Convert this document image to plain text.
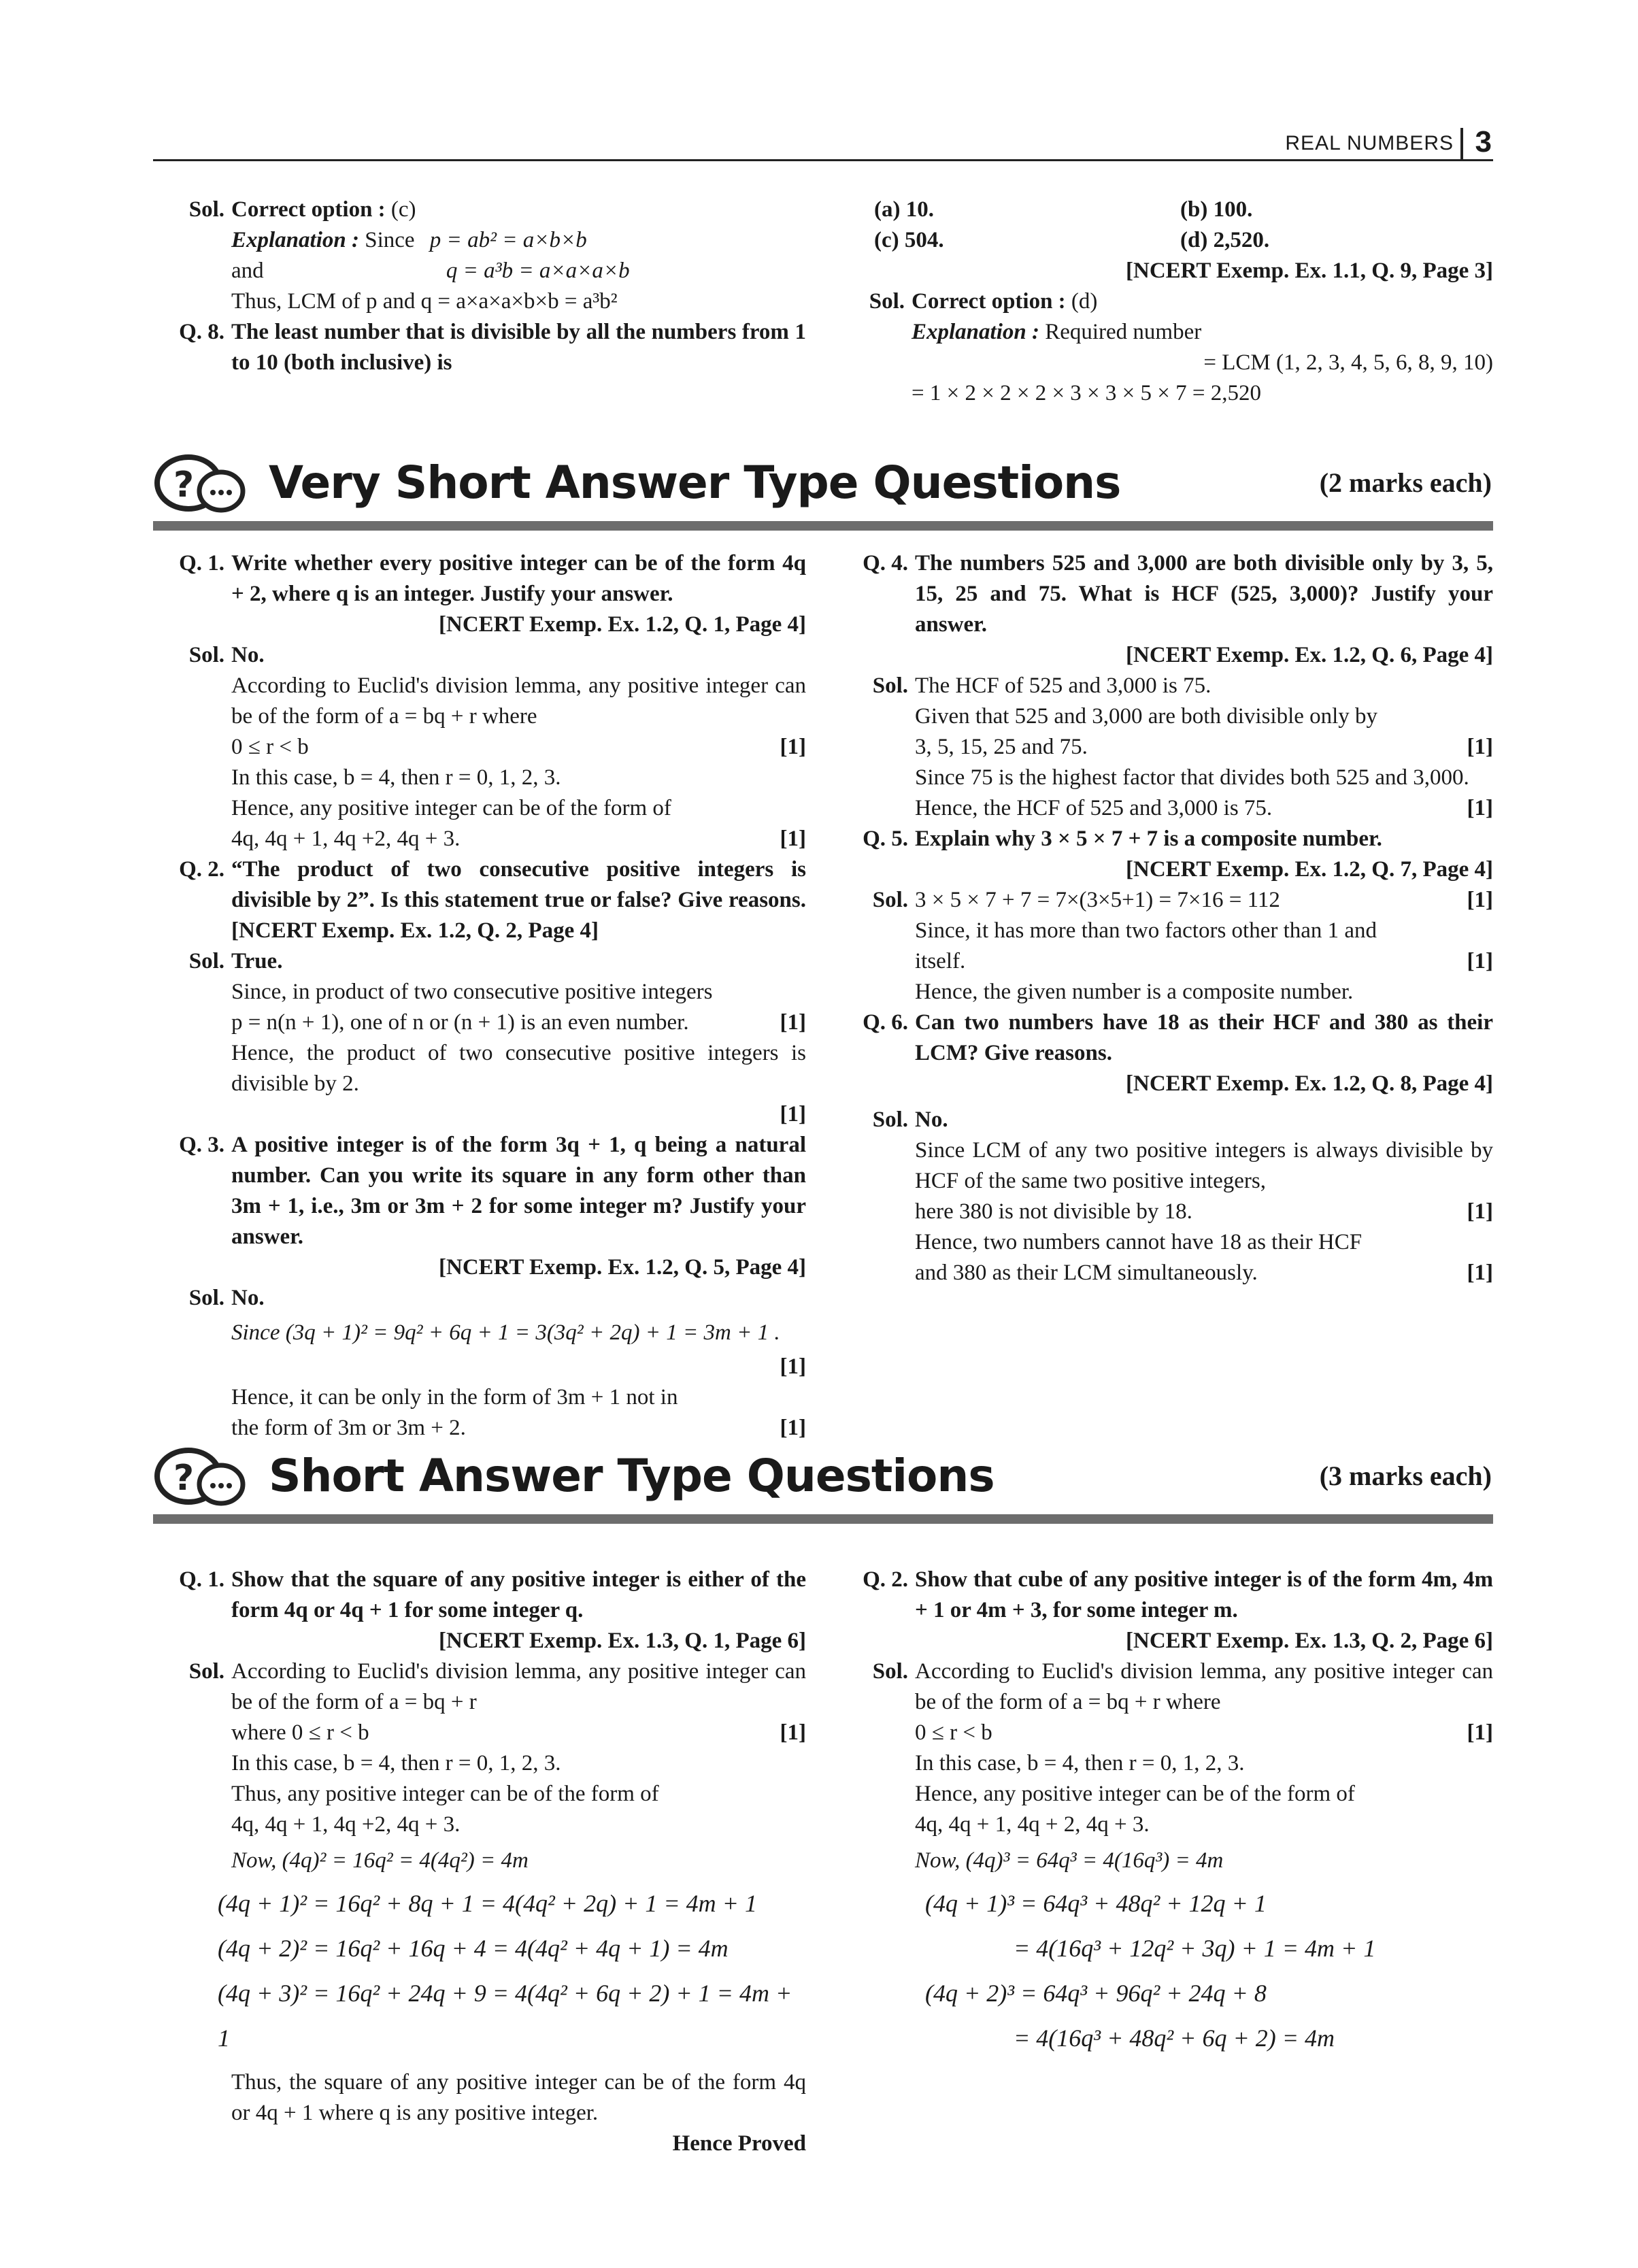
REAL NUMBERS 3

Sol. Correct option : (c)
Explanation : Since p = ab² = a×b×b
and	q = a³b = a×a×a×b
Thus, LCM of p and q = a×a×a×b×b = a³b²

Q. 8. The least number that is divisible by all the numbers from 1 to 10 (both inclusive) is

(a) 10.	(b) 100.
(c) 504.	(d) 2,520.
[NCERT Exemp. Ex. 1.1, Q. 9, Page 3]

Sol. Correct option : (d)
Explanation : Required number

= LCM (1, 2, 3, 4, 5, 6, 8, 9, 10)
= 1 × 2 × 2 × 2 × 3 × 3 × 5 × 7 = 2,520

? Very Short Answer Type Questions	(2 marks each)

Q. 1. Write whether every positive integer can be of the form 4q + 2, where q is an integer. Justify your answer.
[NCERT Exemp. Ex. 1.2, Q. 1, Page 4]

Sol. No.
According to Euclid's division lemma, any positive integer can be of the form of a = bq + r where
0 ≤ r < b	[1]
In this case, b = 4, then r = 0, 1, 2, 3.
Hence, any positive integer can be of the form of
4q, 4q + 1, 4q +2, 4q + 3.	[1]

Q. 2. “The product of two consecutive positive integers is divisible by 2”. Is this statement true or false? Give reasons.[NCERT Exemp. Ex. 1.2, Q. 2, Page 4]

Sol. True.
Since, in product of two consecutive positive integers
p = n(n + 1), one of n or (n + 1) is an even number.	[1]
Hence, the product of two consecutive positive integers is divisible by 2.
[1]

Q. 3. A positive integer is of the form 3q + 1, q being a natural number. Can you write its square in any form other than 3m + 1, i.e., 3m or 3m + 2 for some integer m? Justify your answer.
[NCERT Exemp. Ex. 1.2, Q. 5, Page 4]

Sol. No.
Since (3q + 1)² = 9q² + 6q + 1 = 3(3q² + 2q) + 1 = 3m + 1 .
[1]

Hence, it can be only in the form of 3m + 1 not in
the form of 3m or 3m + 2.	[1]

Q. 4. The numbers 525 and 3,000 are both divisible only by 3, 5, 15, 25 and 75. What is HCF (525, 3,000)? Justify your answer.
[NCERT Exemp. Ex. 1.2, Q. 6, Page 4]

Sol. The HCF of 525 and 3,000 is 75.
Given that 525 and 3,000 are both divisible only by
3, 5, 15, 25 and 75.	[1]
Since 75 is the highest factor that divides both 525 and 3,000.
Hence, the HCF of 525 and 3,000 is 75.	[1]

Q. 5. Explain why 3 × 5 × 7 + 7 is a composite number.
[NCERT Exemp. Ex. 1.2, Q. 7, Page 4]

Sol. 3 × 5 × 7 + 7 = 7×(3×5+1) = 7×16 = 112	[1]
Since, it has more than two factors other than 1 and
itself.	[1]
Hence, the given number is a composite number.

Q. 6. Can two numbers have 18 as their HCF and 380 as their LCM? Give reasons.
[NCERT Exemp. Ex. 1.2, Q. 8, Page 4]

Sol. No.
Since LCM of any two positive integers is always divisible by HCF of the same two positive integers,
here 380 is not divisible by 18.	[1]
Hence, two numbers cannot have 18 as their HCF
and 380 as their LCM simultaneously.	[1]

? Short Answer Type Questions	(3 marks each)

Q. 1. Show that the square of any positive integer is either of the form 4q or 4q + 1 for some integer q.
[NCERT Exemp. Ex. 1.3, Q. 1, Page 6]

Sol. According to Euclid's division lemma, any positive integer can be of the form of a = bq + r
where 0 ≤ r < b	[1]
In this case, b = 4, then r = 0, 1, 2, 3.
Thus, any positive integer can be of the form of
4q, 4q + 1, 4q +2, 4q + 3.
Now, (4q)² = 16q² = 4(4q²) = 4m

(4q + 1)² = 16q² + 8q + 1 = 4(4q² + 2q) + 1 = 4m + 1
(4q + 2)² = 16q² + 16q + 4 = 4(4q² + 4q + 1) = 4m
(4q + 3)² = 16q² + 24q + 9 = 4(4q² + 6q + 2) + 1 = 4m + 1

Thus, the square of any positive integer can be of the form 4q or 4q + 1 where q is any positive integer.
Hence Proved

Q. 2. Show that cube of any positive integer is of the form 4m, 4m + 1 or 4m + 3, for some integer m.
[NCERT Exemp. Ex. 1.3, Q. 2, Page 6]

Sol. According to Euclid's division lemma, any positive integer can be of the form of a = bq + r where
0 ≤ r < b	[1]
In this case, b = 4, then r = 0, 1, 2, 3.
Hence, any positive integer can be of the form of
4q, 4q + 1, 4q + 2, 4q + 3.
Now, (4q)³ = 64q³ = 4(16q³) = 4m

(4q + 1)³ = 64q³ + 48q² + 12q + 1
= 4(16q³ + 12q² + 3q) + 1 = 4m + 1
(4q + 2)³ = 64q³ + 96q² + 24q + 8
= 4(16q³ + 48q² + 6q + 2) = 4m
